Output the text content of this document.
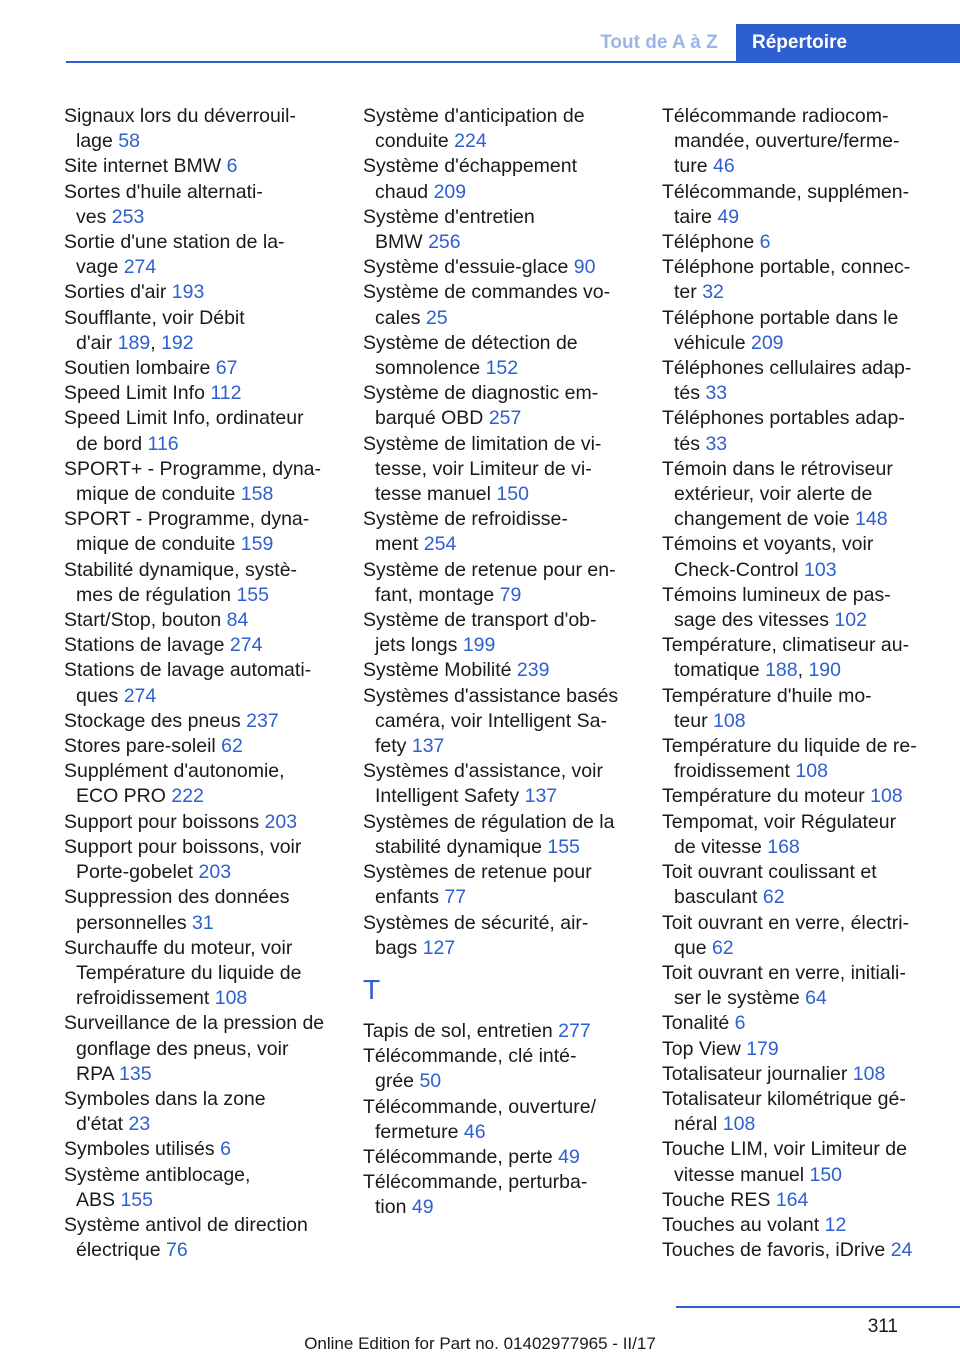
Tout de A à Z	Répertoire
Signaux lors du déverrouil-
lage 58
Site internet BMW 6
Sortes d'huile alternati-
ves 253
Sortie d'une station de la-
vage 274
Sorties d'air 193
Soufflante, voir Débit
d'air 189, 192
Soutien lombaire 67
Speed Limit Info 112
Speed Limit Info, ordinateur
de bord 116
SPORT+ - Programme, dyna-
mique de conduite 158
SPORT - Programme, dyna-
mique de conduite 159
Stabilité dynamique, systè-
mes de régulation 155
Start/Stop, bouton 84
Stations de lavage 274
Stations de lavage automati-
ques 274
Stockage des pneus 237
Stores pare-soleil 62
Supplément d'autonomie,
ECO PRO 222
Support pour boissons 203
Support pour boissons, voir
Porte-gobelet 203
Suppression des données
personnelles 31
Surchauffe du moteur, voir
Température du liquide de
refroidissement 108
Surveillance de la pression de
gonflage des pneus, voir
RPA 135
Symboles dans la zone
d'état 23
Symboles utilisés 6
Système antiblocage,
ABS 155
Système antivol de direction
électrique 76
Système d'anticipation de
conduite 224
Système d'échappement
chaud 209
Système d'entretien
BMW 256
Système d'essuie-glace 90
Système de commandes vo-
cales 25
Système de détection de
somnolence 152
Système de diagnostic em-
barqué OBD 257
Système de limitation de vi-
tesse, voir Limiteur de vi-
tesse manuel 150
Système de refroidisse-
ment 254
Système de retenue pour en-
fant, montage 79
Système de transport d'ob-
jets longs 199
Système Mobilité 239
Systèmes d'assistance basés
caméra, voir Intelligent Sa-
fety 137
Systèmes d'assistance, voir
Intelligent Safety 137
Systèmes de régulation de la
stabilité dynamique 155
Systèmes de retenue pour
enfants 77
Systèmes de sécurité, air-
bags 127
T
Tapis de sol, entretien 277
Télécommande, clé inté-
grée 50
Télécommande, ouverture/
fermeture 46
Télécommande, perte 49
Télécommande, perturba-
tion 49
Télécommande radiocom-
mandée, ouverture/ferme-
ture 46
Télécommande, supplémen-
taire 49
Téléphone 6
Téléphone portable, connec-
ter 32
Téléphone portable dans le
véhicule 209
Téléphones cellulaires adap-
tés 33
Téléphones portables adap-
tés 33
Témoin dans le rétroviseur
extérieur, voir alerte de
changement de voie 148
Témoins et voyants, voir
Check-Control 103
Témoins lumineux de pas-
sage des vitesses 102
Température, climatiseur au-
tomatique 188, 190
Température d'huile mo-
teur 108
Température du liquide de re-
froidissement 108
Température du moteur 108
Tempomat, voir Régulateur
de vitesse 168
Toit ouvrant coulissant et
basculant 62
Toit ouvrant en verre, électri-
que 62
Toit ouvrant en verre, initiali-
ser le système 64
Tonalité 6
Top View 179
Totalisateur journalier 108
Totalisateur kilométrique gé-
néral 108
Touche LIM, voir Limiteur de
vitesse manuel 150
Touche RES 164
Touches au volant 12
Touches de favoris, iDrive 24
311
Online Edition for Part no. 01402977965 - II/17
